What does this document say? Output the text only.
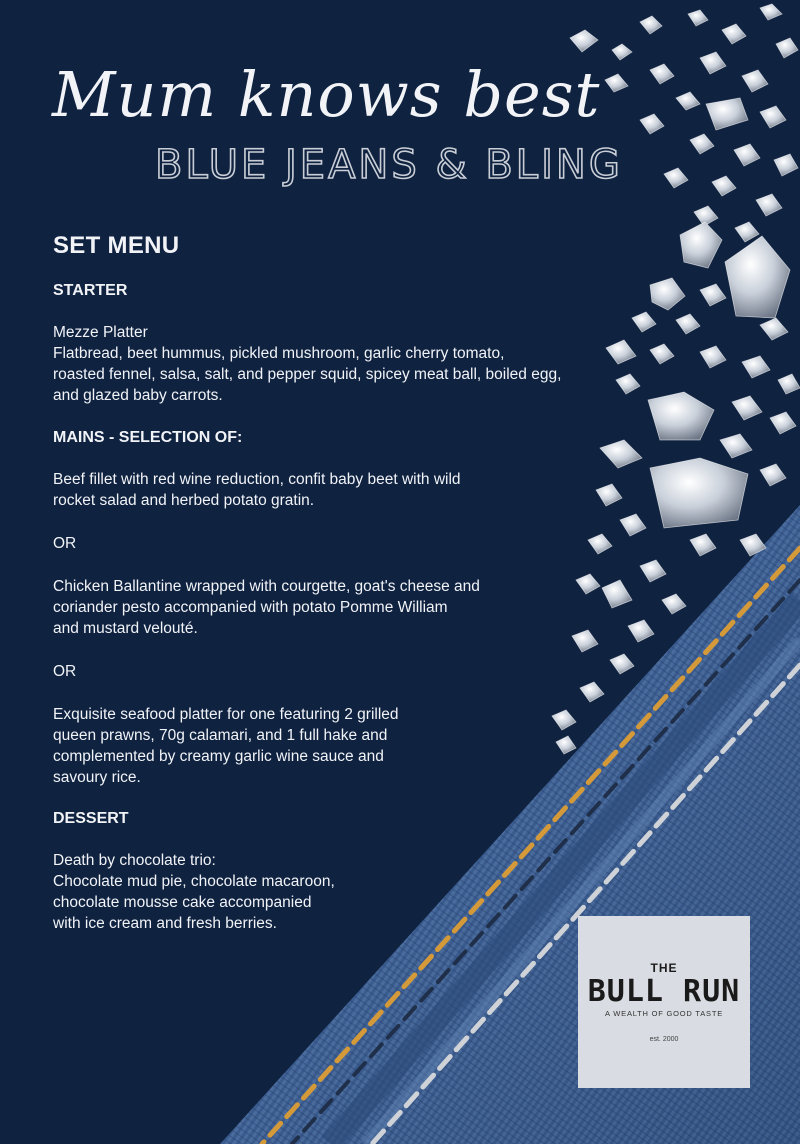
Mum knows best
BLUE JEANS & BLING
SET MENU

STARTER

Mezze Platter

Flatbread, beet hummus, pickled mushroom, garlic cherry tomato,
roasted fennel, salsa, salt, and pepper squid, spicey meat ball, boiled egg,
and glazed baby carrots.

MAINS - SELECTION OF:

Beef fillet with red wine reduction, confit baby beet with wild
rocket salad and herbed potato gratin.

OR

Chicken Ballantine wrapped with courgette, goat's cheese and
coriander pesto accompanied with potato Pomme William
and mustard velouté.

OR

Exquisite seafood platter for one featuring 2 grilled
queen prawns, 70g calamari, and 1 full hake and
complemented by creamy garlic wine sauce and
savoury rice.

DESSERT

Death by chocolate trio:

Chocolate mud pie, chocolate macaroon,
chocolate mousse cake accompanied
with ice cream and fresh berries.

THE
BULL RUN
A WEALTH OF GOOD TASTE
est. 2000
